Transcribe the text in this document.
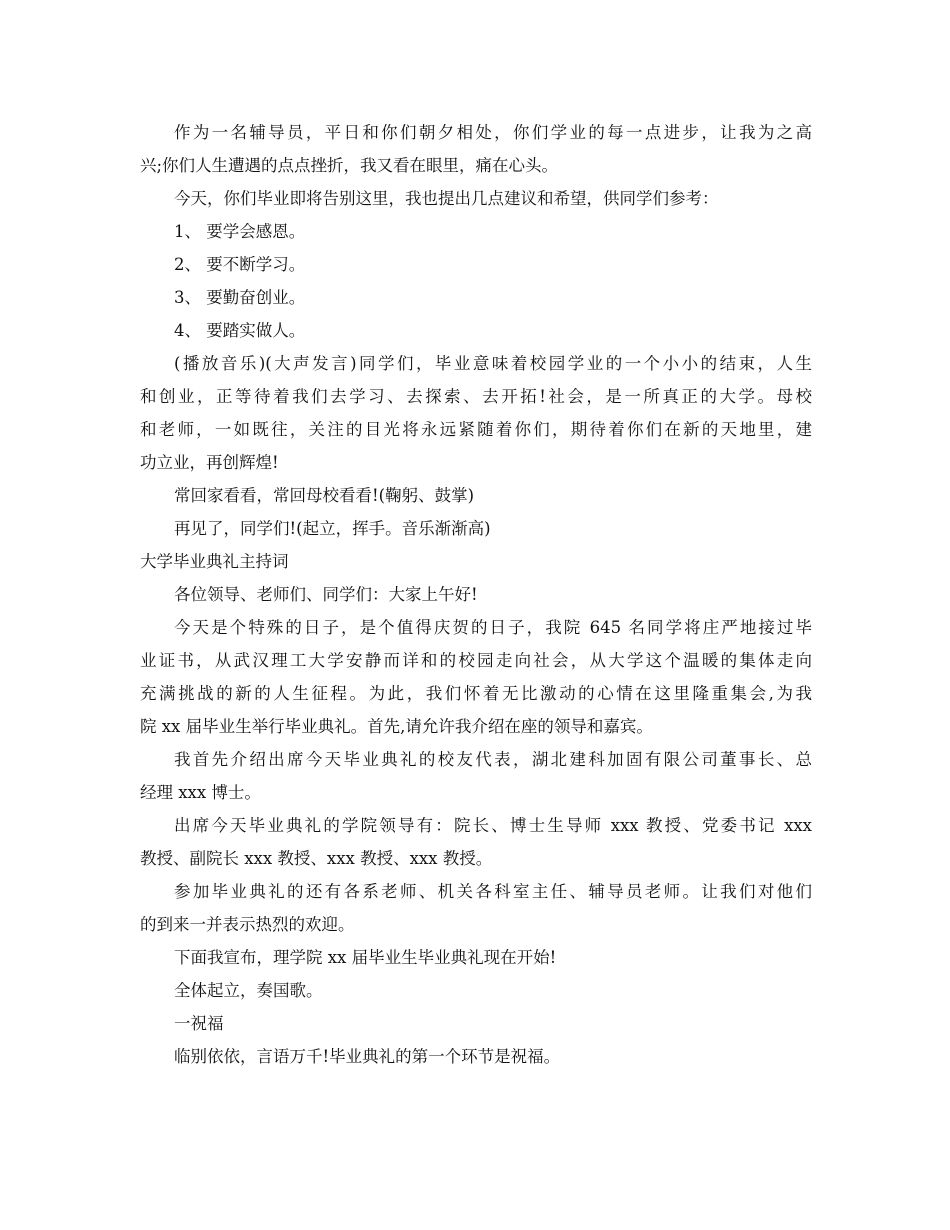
作为一名辅导员，平日和你们朝夕相处，你们学业的每一点进步，让我为之高

兴;你们人生遭遇的点点挫折，我又看在眼里，痛在心头。

今天，你们毕业即将告别这里，我也提出几点建议和希望，供同学们参考：

1、 要学会感恩。

2、 要不断学习。

3、 要勤奋创业。

4、 要踏实做人。

(播放音乐)(大声发言)同学们，毕业意味着校园学业的一个小小的结束，人生

和创业，正等待着我们去学习、去探索、去开拓!社会，是一所真正的大学。母校

和老师，一如既往，关注的目光将永远紧随着你们，期待着你们在新的天地里，建

功立业，再创辉煌!

常回家看看，常回母校看看!(鞠躬、鼓掌)

再见了，同学们!(起立，挥手。音乐渐渐高)

大学毕业典礼主持词

各位领导、老师们、同学们：大家上午好!

今天是个特殊的日子，是个值得庆贺的日子，我院 645 名同学将庄严地接过毕

业证书，从武汉理工大学安静而详和的校园走向社会，从大学这个温暖的集体走向

充满挑战的新的人生征程。为此，我们怀着无比激动的心情在这里隆重集会,为我

院 xx 届毕业生举行毕业典礼。首先,请允许我介绍在座的领导和嘉宾。

我首先介绍出席今天毕业典礼的校友代表，湖北建科加固有限公司董事长、总

经理 xxx 博士。

出席今天毕业典礼的学院领导有：院长、博士生导师 xxx 教授、党委书记 xxx

教授、副院长 xxx 教授、xxx 教授、xxx 教授。

参加毕业典礼的还有各系老师、机关各科室主任、辅导员老师。让我们对他们

的到来一并表示热烈的欢迎。

下面我宣布，理学院 xx 届毕业生毕业典礼现在开始!

全体起立，奏国歌。

一祝福

临别依依，言语万千!毕业典礼的第一个环节是祝福。
